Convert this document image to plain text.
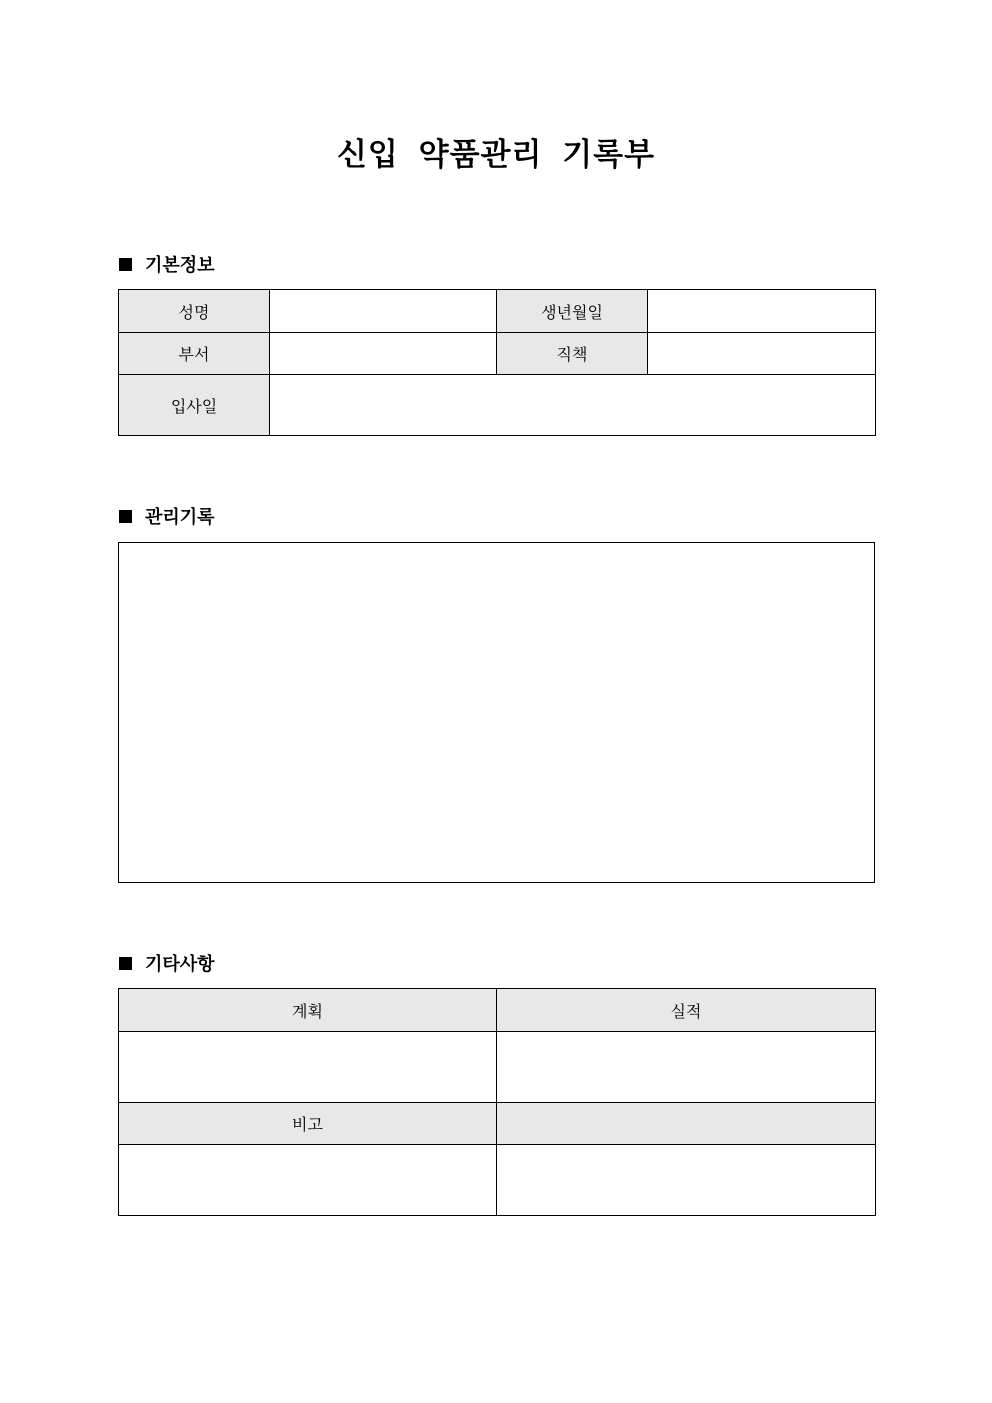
신입 약품관리 기록부
기본정보
성명		생년월일	
부서		직책	
입사일			
관리기록
기타사항
계획	실적

비고	
